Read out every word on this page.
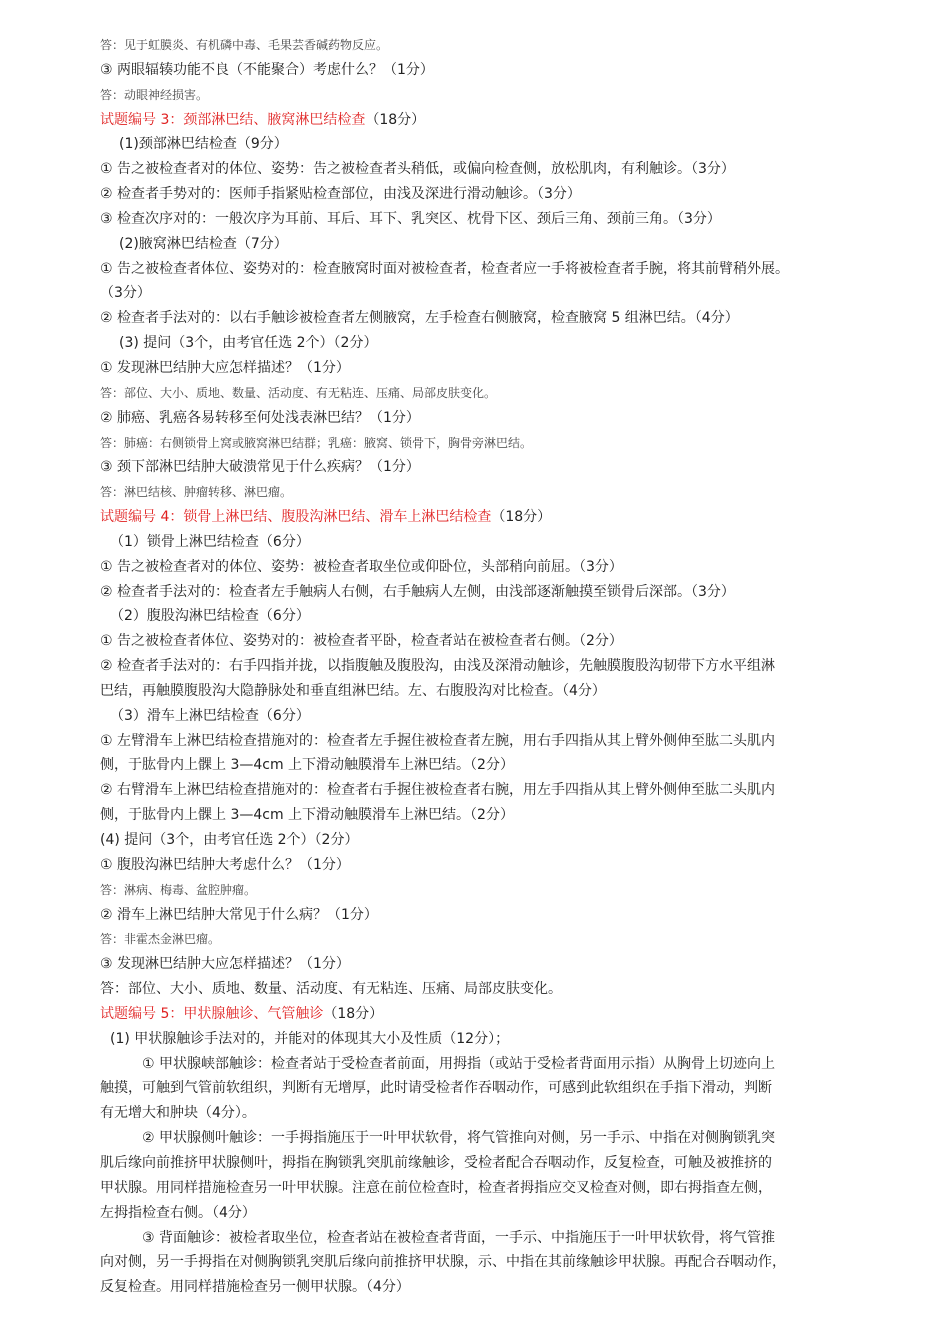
答：见于虹膜炎、有机磷中毒、毛果芸香碱药物反应。
③ 两眼辐辏功能不良（不能聚合）考虑什么？（1分）
答：动眼神经损害。
试题编号 3：颈部淋巴结、腋窝淋巴结检查（18分）
(1)颈部淋巴结检查（9分）
① 告之被检查者对的体位、姿势：告之被检查者头稍低，或偏向检查侧，放松肌肉，有利触诊。（3分）
② 检查者手势对的：医师手指紧贴检查部位，由浅及深进行滑动触诊。（3分）
③ 检查次序对的：一般次序为耳前、耳后、耳下、乳突区、枕骨下区、颈后三角、颈前三角。（3分）
(2)腋窝淋巴结检查（7分）
① 告之被检查者体位、姿势对的：检查腋窝时面对被检查者，检查者应一手将被检查者手腕，将其前臂稍外展。
（3分）
② 检查者手法对的：以右手触诊被检查者左侧腋窝，左手检查右侧腋窝，检查腋窝 5 组淋巴结。（4分）
(3) 提问（3个，由考官任选 2个）（2分）
① 发现淋巴结肿大应怎样描述？（1分）
答：部位、大小、质地、数量、活动度、有无粘连、压痛、局部皮肤变化。
② 肺癌、乳癌各易转移至何处浅表淋巴结？（1分）
答：肺癌：右侧锁骨上窝或腋窝淋巴结群；乳癌：腋窝、锁骨下，胸骨旁淋巴结。
③ 颈下部淋巴结肿大破溃常见于什么疾病？（1分）
答：淋巴结核、肿瘤转移、淋巴瘤。
试题编号 4：锁骨上淋巴结、腹股沟淋巴结、滑车上淋巴结检查（18分）
（1）锁骨上淋巴结检查（6分）
① 告之被检查者对的体位、姿势：被检查者取坐位或仰卧位，头部稍向前屈。（3分）
② 检查者手法对的：检查者左手触病人右侧，右手触病人左侧，由浅部逐渐触摸至锁骨后深部。（3分）
（2）腹股沟淋巴结检查（6分）
① 告之被检查者体位、姿势对的：被检查者平卧，检查者站在被检查者右侧。（2分）
② 检查者手法对的：右手四指并拢，以指腹触及腹股沟，由浅及深滑动触诊，先触膜腹股沟韧带下方水平组淋
巴结，再触膜腹股沟大隐静脉处和垂直组淋巴结。左、右腹股沟对比检查。（4分）
（3）滑车上淋巴结检查（6分）
① 左臂滑车上淋巴结检查措施对的：检查者左手握住被检查者左腕，用右手四指从其上臂外侧伸至肱二头肌内
侧，于肱骨内上髁上 3—4cm 上下滑动触膜滑车上淋巴结。（2分）
② 右臂滑车上淋巴结检查措施对的：检查者右手握住被检查者右腕，用左手四指从其上臂外侧伸至肱二头肌内
侧，于肱骨内上髁上 3—4cm 上下滑动触膜滑车上淋巴结。（2分）
(4) 提问（3个，由考官任选 2个）（2分）
① 腹股沟淋巴结肿大考虑什么？（1分）
答：淋病、梅毒、盆腔肿瘤。
② 滑车上淋巴结肿大常见于什么病？（1分）
答：非霍杰金淋巴瘤。
③ 发现淋巴结肿大应怎样描述？（1分）
答：部位、大小、质地、数量、活动度、有无粘连、压痛、局部皮肤变化。
试题编号 5：甲状腺触诊、气管触诊（18分）
(1) 甲状腺触诊手法对的，并能对的体现其大小及性质（12分）；
① 甲状腺峡部触诊：检查者站于受检查者前面，用拇指（或站于受检者背面用示指）从胸骨上切迹向上
触摸，可触到气管前软组织，判断有无增厚，此时请受检者作吞咽动作，可感到此软组织在手指下滑动，判断
有无增大和肿块（4分）。
② 甲状腺侧叶触诊：一手拇指施压于一叶甲状软骨，将气管推向对侧，另一手示、中指在对侧胸锁乳突
肌后缘向前推挤甲状腺侧叶，拇指在胸锁乳突肌前缘触诊，受检者配合吞咽动作，反复检查，可触及被推挤的
甲状腺。用同样措施检查另一叶甲状腺。注意在前位检查时，检查者拇指应交叉检查对侧，即右拇指查左侧，
左拇指检查右侧。（4分）
③ 背面触诊：被检者取坐位，检查者站在被检查者背面，一手示、中指施压于一叶甲状软骨，将气管推
向对侧，另一手拇指在对侧胸锁乳突肌后缘向前推挤甲状腺，示、中指在其前缘触诊甲状腺。再配合吞咽动作，
反复检查。用同样措施检查另一侧甲状腺。（4分）
